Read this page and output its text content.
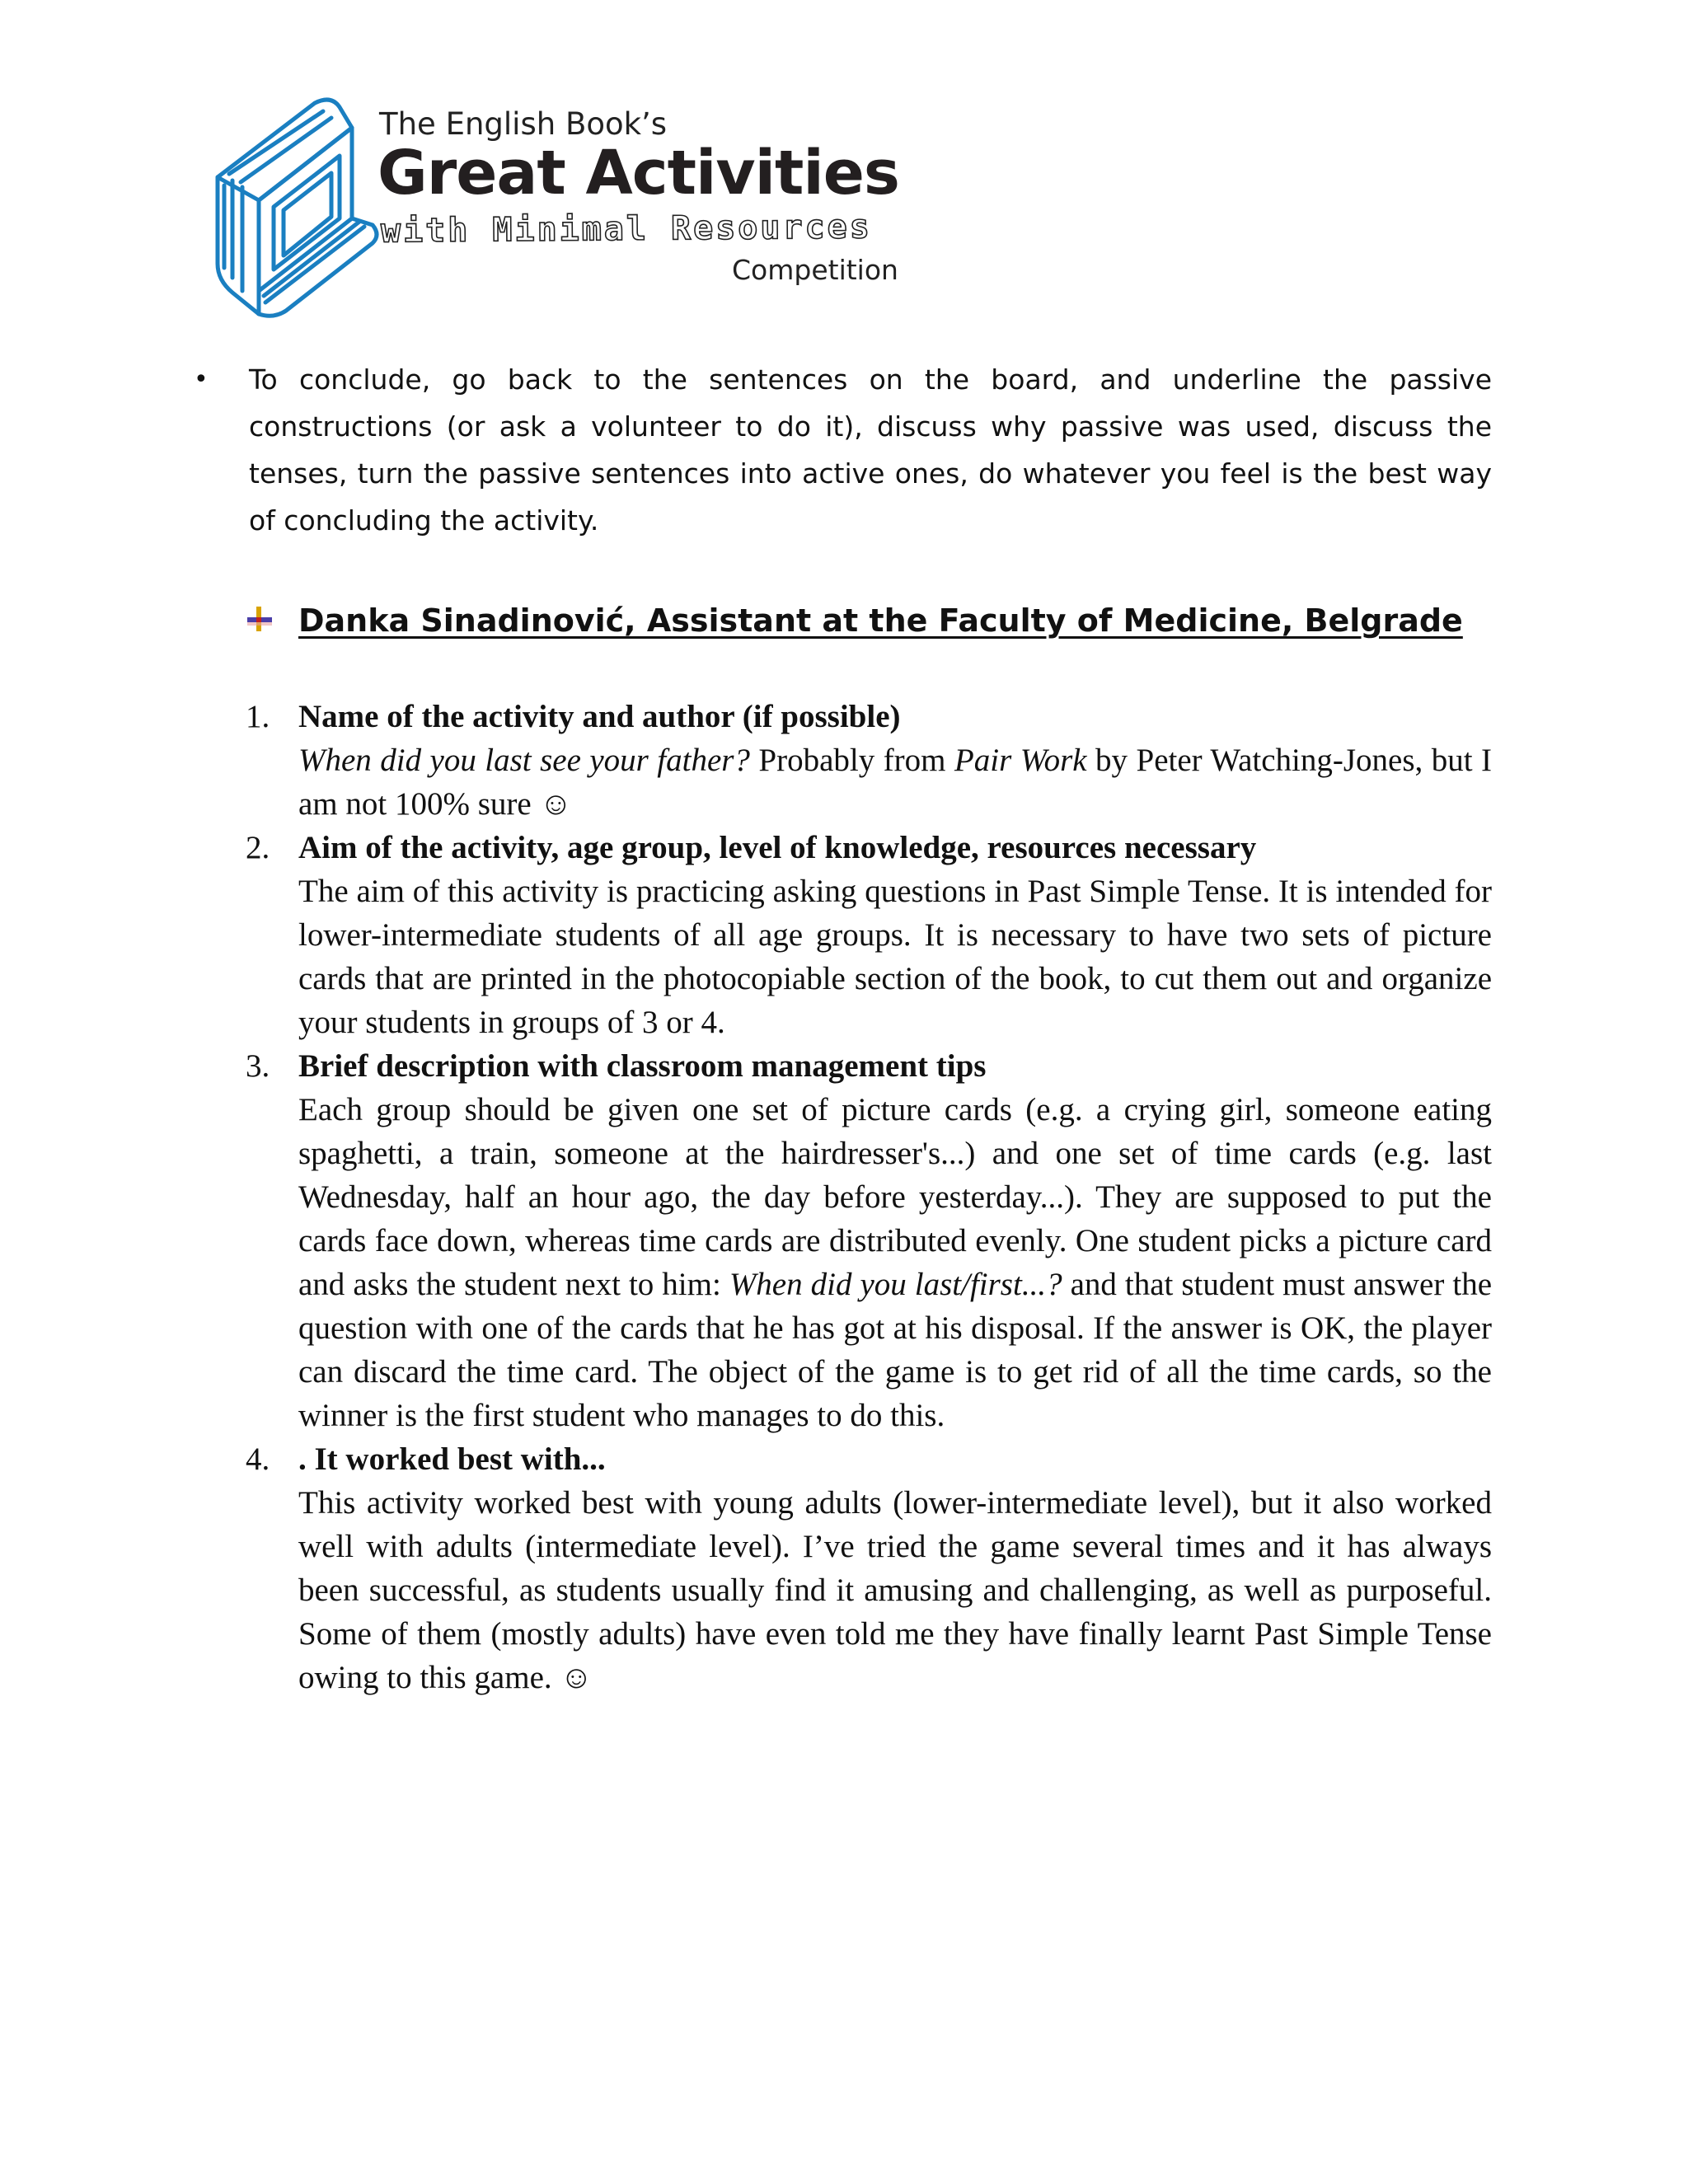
The English Book’s
Great Activities
with Minimal Resources
Competition
• To conclude, go back to the sentences on the board, and underline the passive constructions (or ask a volunteer to do it), discuss why passive was used, discuss the tenses, turn the passive sentences into active ones, do whatever you feel is the best way of concluding the activity.
Danka Sinadinović, Assistant at the Faculty of Medicine, Belgrade
1. Name of the activity and author (if possible)
When did you last see your father? Probably from Pair Work by Peter Watching-Jones, but I am not 100% sure ☺
2. Aim of the activity, age group, level of knowledge, resources necessary
The aim of this activity is practicing asking questions in Past Simple Tense. It is intended for lower-intermediate students of all age groups. It is necessary to have two sets of picture cards that are printed in the photocopiable section of the book, to cut them out and organize your students in groups of 3 or 4.
3. Brief description with classroom management tips
Each group should be given one set of picture cards (e.g. a crying girl, someone eating spaghetti, a train, someone at the hairdresser's...) and one set of time cards (e.g. last Wednesday, half an hour ago, the day before yesterday...). They are supposed to put the cards face down, whereas time cards are distributed evenly. One student picks a picture card and asks the student next to him: When did you last/first...? and that student must answer the question with one of the cards that he has got at his disposal. If the answer is OK, the player can discard the time card. The object of the game is to get rid of all the time cards, so the winner is the first student who manages to do this.
4. . It worked best with...
This activity worked best with young adults (lower-intermediate level), but it also worked well with adults (intermediate level). I’ve tried the game several times and it has always been successful, as students usually find it amusing and challenging, as well as purposeful. Some of them (mostly adults) have even told me they have finally learnt Past Simple Tense owing to this game. ☺
